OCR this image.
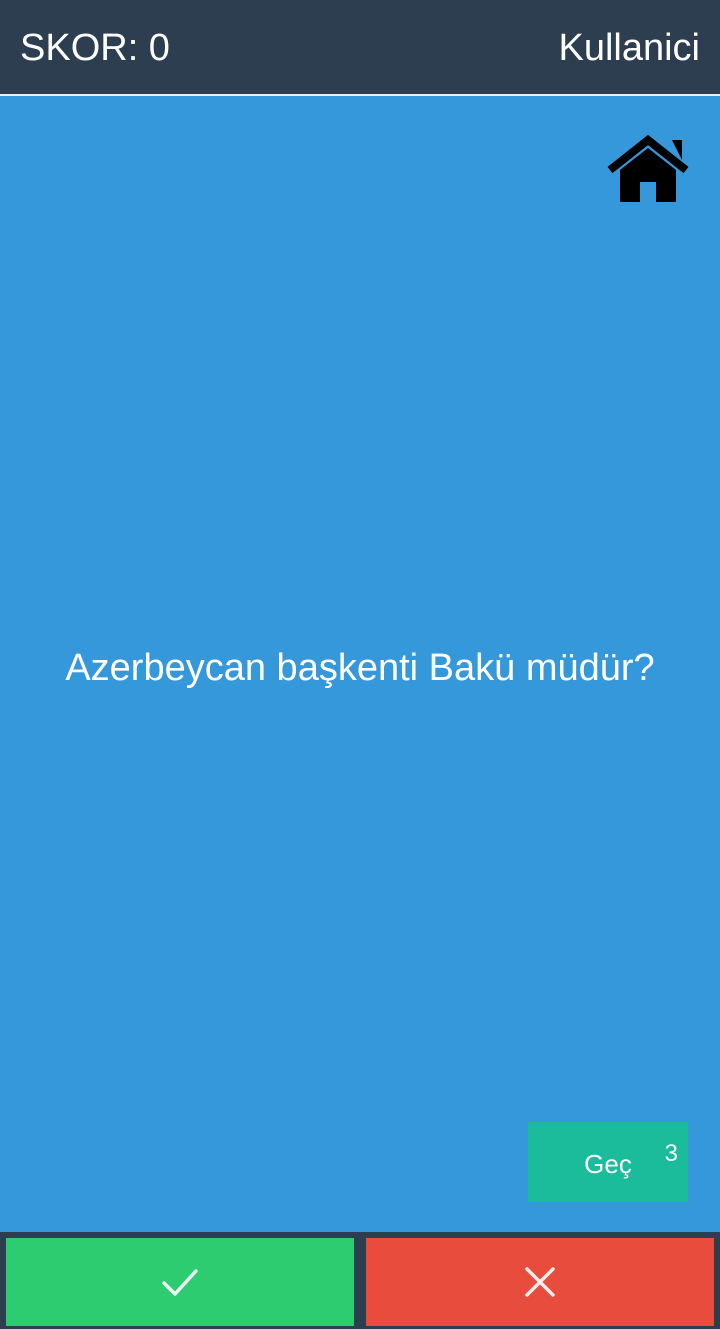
SKOR: 0	Kullanici
Azerbeycan başkenti Bakü müdür?
Geç	3
